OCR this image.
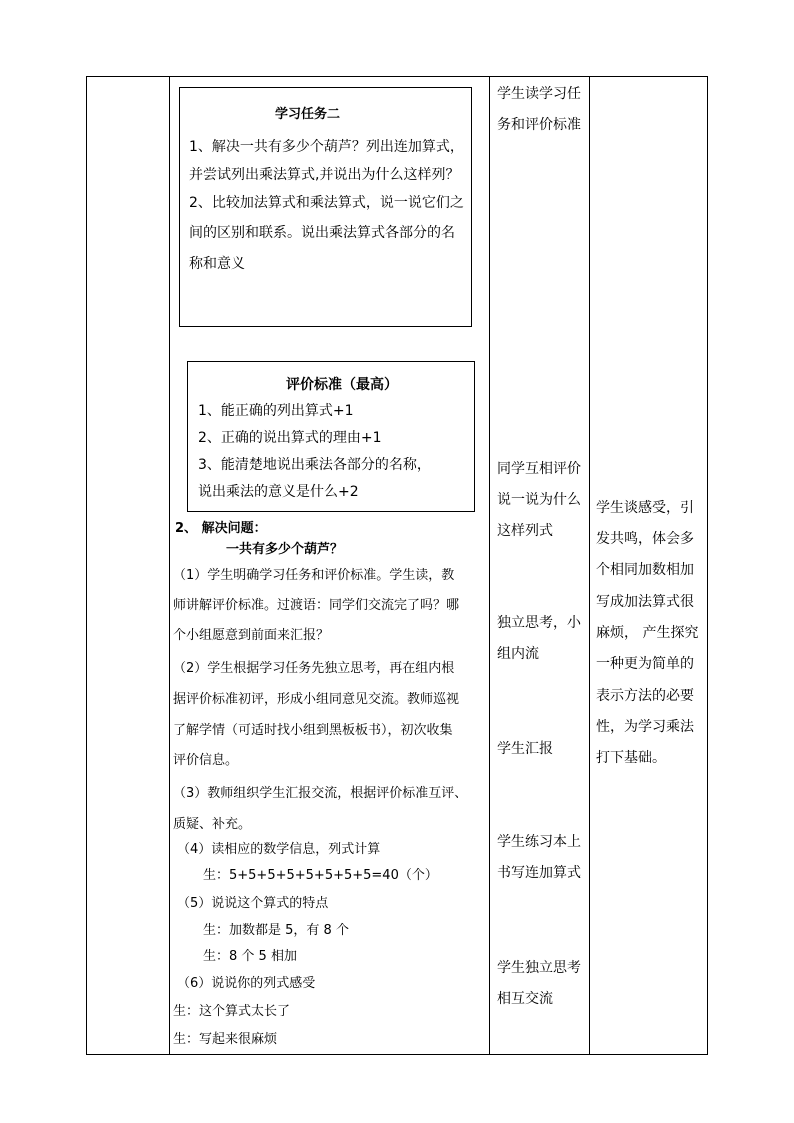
学习任务二
1、解决一共有多少个葫芦？列出连加算式，
并尝试列出乘法算式,并说出为什么这样列？
2、比较加法算式和乘法算式，说一说它们之
间的区别和联系。说出乘法算式各部分的名
称和意义
评价标准（最高）
1、能正确的列出算式+1
2、正确的说出算式的理由+1
3、能清楚地说出乘法各部分的名称，
说出乘法的意义是什么+2
2、 解决问题：
一共有多少个葫芦？
（1）学生明确学习任务和评价标准。学生读，教
师讲解评价标准。过渡语：同学们交流完了吗？哪
个小组愿意到前面来汇报？
（2）学生根据学习任务先独立思考，再在组内根
据评价标准初评，形成小组同意见交流。教师巡视
了解学情（可适时找小组到黑板板书），初次收集
评价信息。
（3）教师组织学生汇报交流，根据评价标准互评、
质疑、补充。
（4）读相应的数学信息，列式计算
生：5+5+5+5+5+5+5+5=40（个）
（5）说说这个算式的特点
生：加数都是 5，有 8 个
生：8 个 5 相加
（6）说说你的列式感受
生：这个算式太长了
生：写起来很麻烦
学生读学习任
务和评价标准
同学互相评价
说一说为什么
这样列式
独立思考，小
组内流
学生汇报
学生练习本上
书写连加算式
学生独立思考
相互交流
学生谈感受，引
发共鸣，体会多
个相同加数相加
写成加法算式很
麻烦， 产生探究
一种更为简单的
表示方法的必要
性，为学习乘法
打下基础。
